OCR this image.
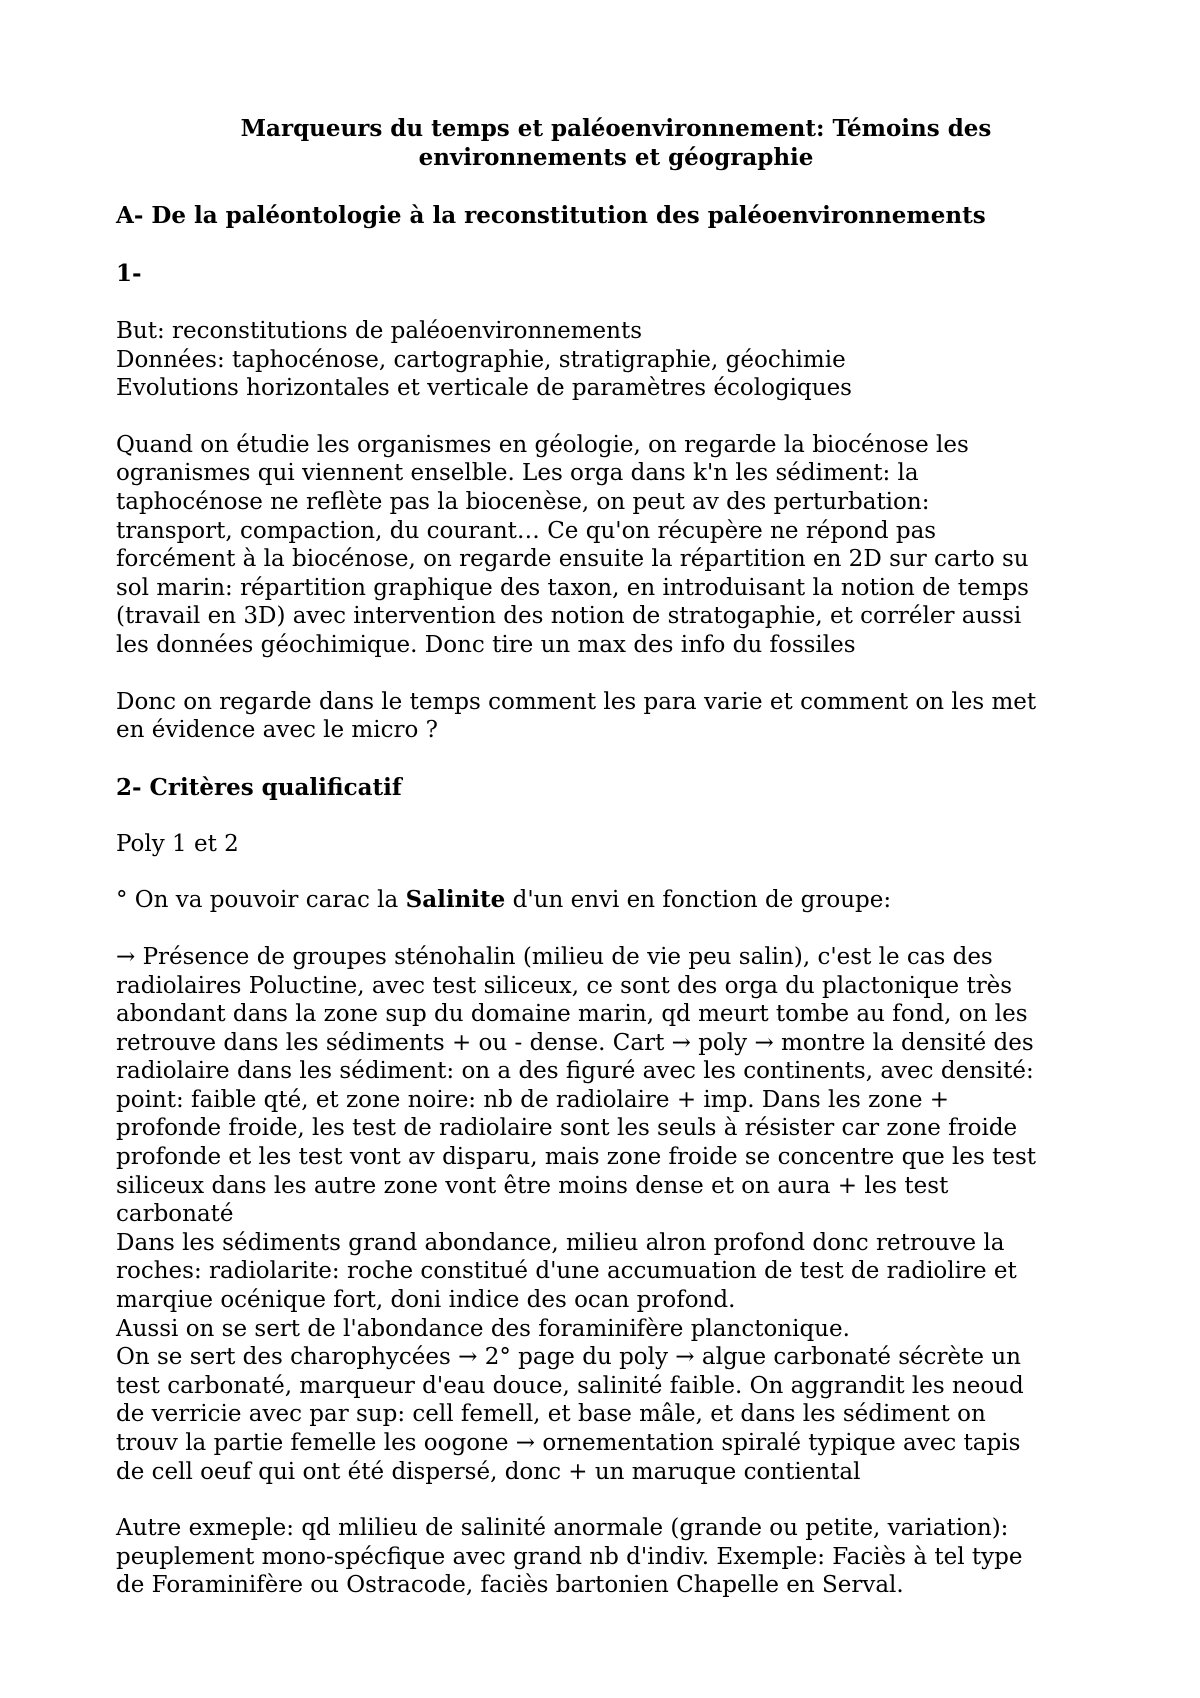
Marqueurs du temps et paléoenvironnement: Témoins des
environnements et géographie
A- De la paléontologie à la reconstitution des paléoenvironnements
1-
But: reconstitutions de paléoenvironnements
Données: taphocénose, cartographie, stratigraphie, géochimie
Evolutions horizontales et verticale de paramètres écologiques
Quand on étudie les organismes en géologie, on regarde la biocénose les
ogranismes qui viennent enselble. Les orga dans k'n les sédiment: la
taphocénose ne reflète pas la biocenèse, on peut av des perturbation:
transport, compaction, du courant… Ce qu'on récupère ne répond pas
forcément à la biocénose, on regarde ensuite la répartition en 2D sur carto su
sol marin: répartition graphique des taxon, en introduisant la notion de temps
(travail en 3D) avec intervention des notion de stratogaphie, et corréler aussi
les données géochimique. Donc tire un max des info du fossiles
Donc on regarde dans le temps comment les para varie et comment on les met
en évidence avec le micro ?
2- Critères qualificatif
Poly 1 et 2
° On va pouvoir carac la Salinite d'un envi en fonction de groupe:
→ Présence de groupes sténohalin (milieu de vie peu salin), c'est le cas des
radiolaires Poluctine, avec test siliceux, ce sont des orga du plactonique très
abondant dans la zone sup du domaine marin, qd meurt tombe au fond, on les
retrouve dans les sédiments + ou - dense. Cart → poly → montre la densité des
radiolaire dans les sédiment: on a des figuré avec les continents, avec densité:
point: faible qté, et zone noire: nb de radiolaire + imp. Dans les zone +
profonde froide, les test de radiolaire sont les seuls à résister car zone froide
profonde et les test vont av disparu, mais zone froide se concentre que les test
siliceux dans les autre zone vont être moins dense et on aura + les test
carbonaté
Dans les sédiments grand abondance, milieu alron profond donc retrouve la
roches: radiolarite: roche constitué d'une accumuation de test de radiolire et
marqiue océnique fort, doni indice des ocan profond.
Aussi on se sert de l'abondance des foraminifère planctonique.
On se sert des charophycées → 2° page du poly → algue carbonaté sécrète un
test carbonaté, marqueur d'eau douce, salinité faible. On aggrandit les neoud
de verricie avec par sup: cell femell, et base mâle, et dans les sédiment on
trouv la partie femelle les oogone → ornementation spiralé typique avec tapis
de cell oeuf qui ont été dispersé, donc + un maruque contiental
Autre exmeple: qd mlilieu de salinité anormale (grande ou petite, variation):
peuplement mono-spécfique avec grand nb d'indiv. Exemple: Faciès à tel type
de Foraminifère ou Ostracode, faciès bartonien Chapelle en Serval.
